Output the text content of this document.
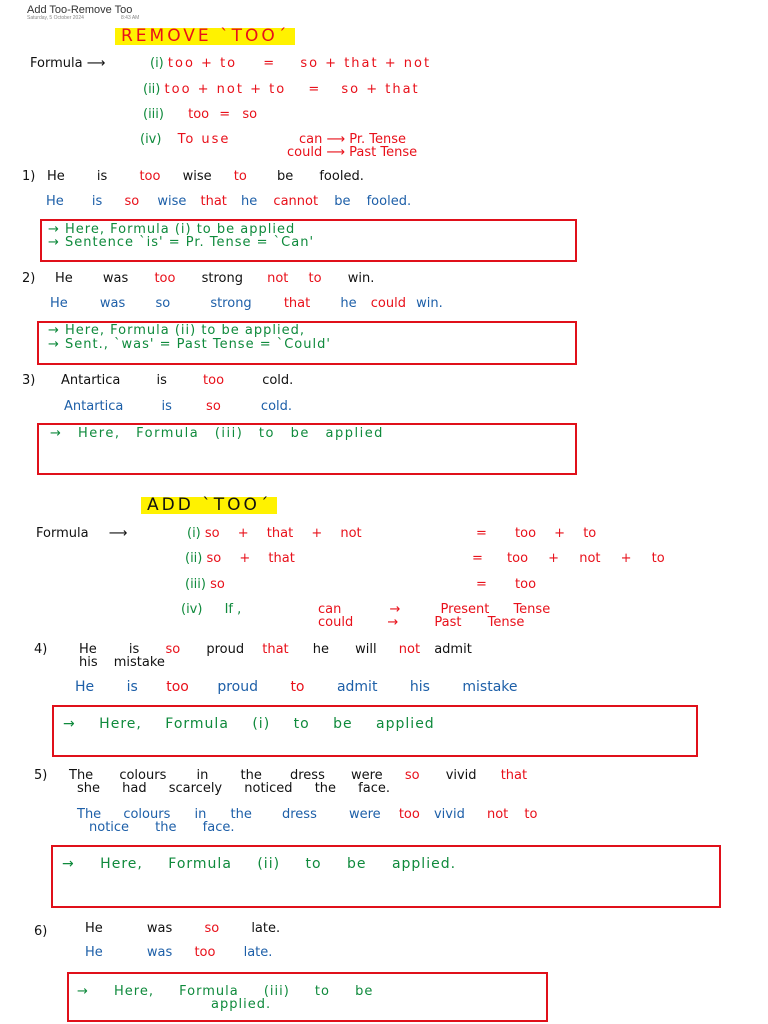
Add Too-Remove Too
Saturday, 5 October 2024	8:43 AM
REMOVE `TOO´
Formula ⟶	(i) too + to = so + that + not
(ii) too + not + to = so + that
(iii) too = so
(iv) To use	can ⟶ Pr. Tense
could ⟶ Past Tense
1) He is too wise to be fooled.
He is so wise that he cannot be fooled.
→ Here, Formula (i) to be applied
→ Sentence `is' = Pr. Tense = `Can'
2) He was too strong not to win.
He was so	strong that he could win.
→ Here, Formula (ii) to be applied,
→ Sent., `was' = Past Tense = `Could'
3) Antartica	is	too	cold.
Antartica	is	so	cold.
→ Here, Formula (iii) to be applied
ADD `TOO´
Formula ⟶	(i) so + that + not	= too + to
(ii) so + that	= too + not + to
(iii) so	= too
(iv) If ,	can	→	Present Tense
could	→	Past Tense
4) He is so proud that he will not admit
his mistake
He is too proud to admit his mistake
→ Here, Formula (i) to be applied
5) The colours in the dress were so vivid that
she had scarcely noticed the face.
The colours in the dress were too vivid not to
notice the face.
→ Here, Formula (ii) to be applied.
6)	He	was so late.
He	was too late.
→ Here, Formula (iii) to be
applied.
